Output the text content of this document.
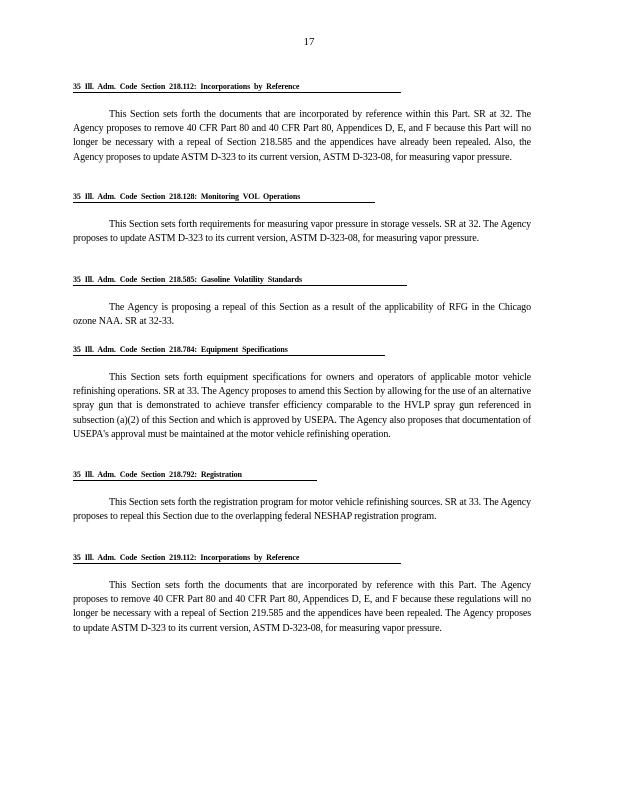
17
35 Ill. Adm. Code Section 218.112: Incorporations by Reference

This Section sets forth the documents that are incorporated by reference within this Part. SR at 32. The Agency proposes to remove 40 CFR Part 80 and 40 CFR Part 80, Appendices D, E, and F because this Part will no longer be necessary with a repeal of Section 218.585 and the appendices have already been repealed. Also, the Agency proposes to update ASTM D-323 to its current version, ASTM D-323-08, for measuring vapor pressure.

35 Ill. Adm. Code Section 218.128: Monitoring VOL Operations

This Section sets forth requirements for measuring vapor pressure in storage vessels. SR at 32. The Agency proposes to update ASTM D-323 to its current version, ASTM D-323-08, for measuring vapor pressure.

35 Ill. Adm. Code Section 218.585: Gasoline Volatility Standards

The Agency is proposing a repeal of this Section as a result of the applicability of RFG in the Chicago ozone NAA. SR at 32-33.

35 Ill. Adm. Code Section 218.784: Equipment Specifications

This Section sets forth equipment specifications for owners and operators of applicable motor vehicle refinishing operations. SR at 33. The Agency proposes to amend this Section by allowing for the use of an alternative spray gun that is demonstrated to achieve transfer efficiency comparable to the HVLP spray gun referenced in subsection (a)(2) of this Section and which is approved by USEPA. The Agency also proposes that documentation of USEPA's approval must be maintained at the motor vehicle refinishing operation.

35 Ill. Adm. Code Section 218.792: Registration

This Section sets forth the registration program for motor vehicle refinishing sources. SR at 33. The Agency proposes to repeal this Section due to the overlapping federal NESHAP registration program.

35 Ill. Adm. Code Section 219.112: Incorporations by Reference

This Section sets forth the documents that are incorporated by reference with this Part. The Agency proposes to remove 40 CFR Part 80 and 40 CFR Part 80, Appendices D, E, and F because these regulations will no longer be necessary with a repeal of Section 219.585 and the appendices have been repealed. The Agency proposes to update ASTM D-323 to its current version, ASTM D-323-08, for measuring vapor pressure.
